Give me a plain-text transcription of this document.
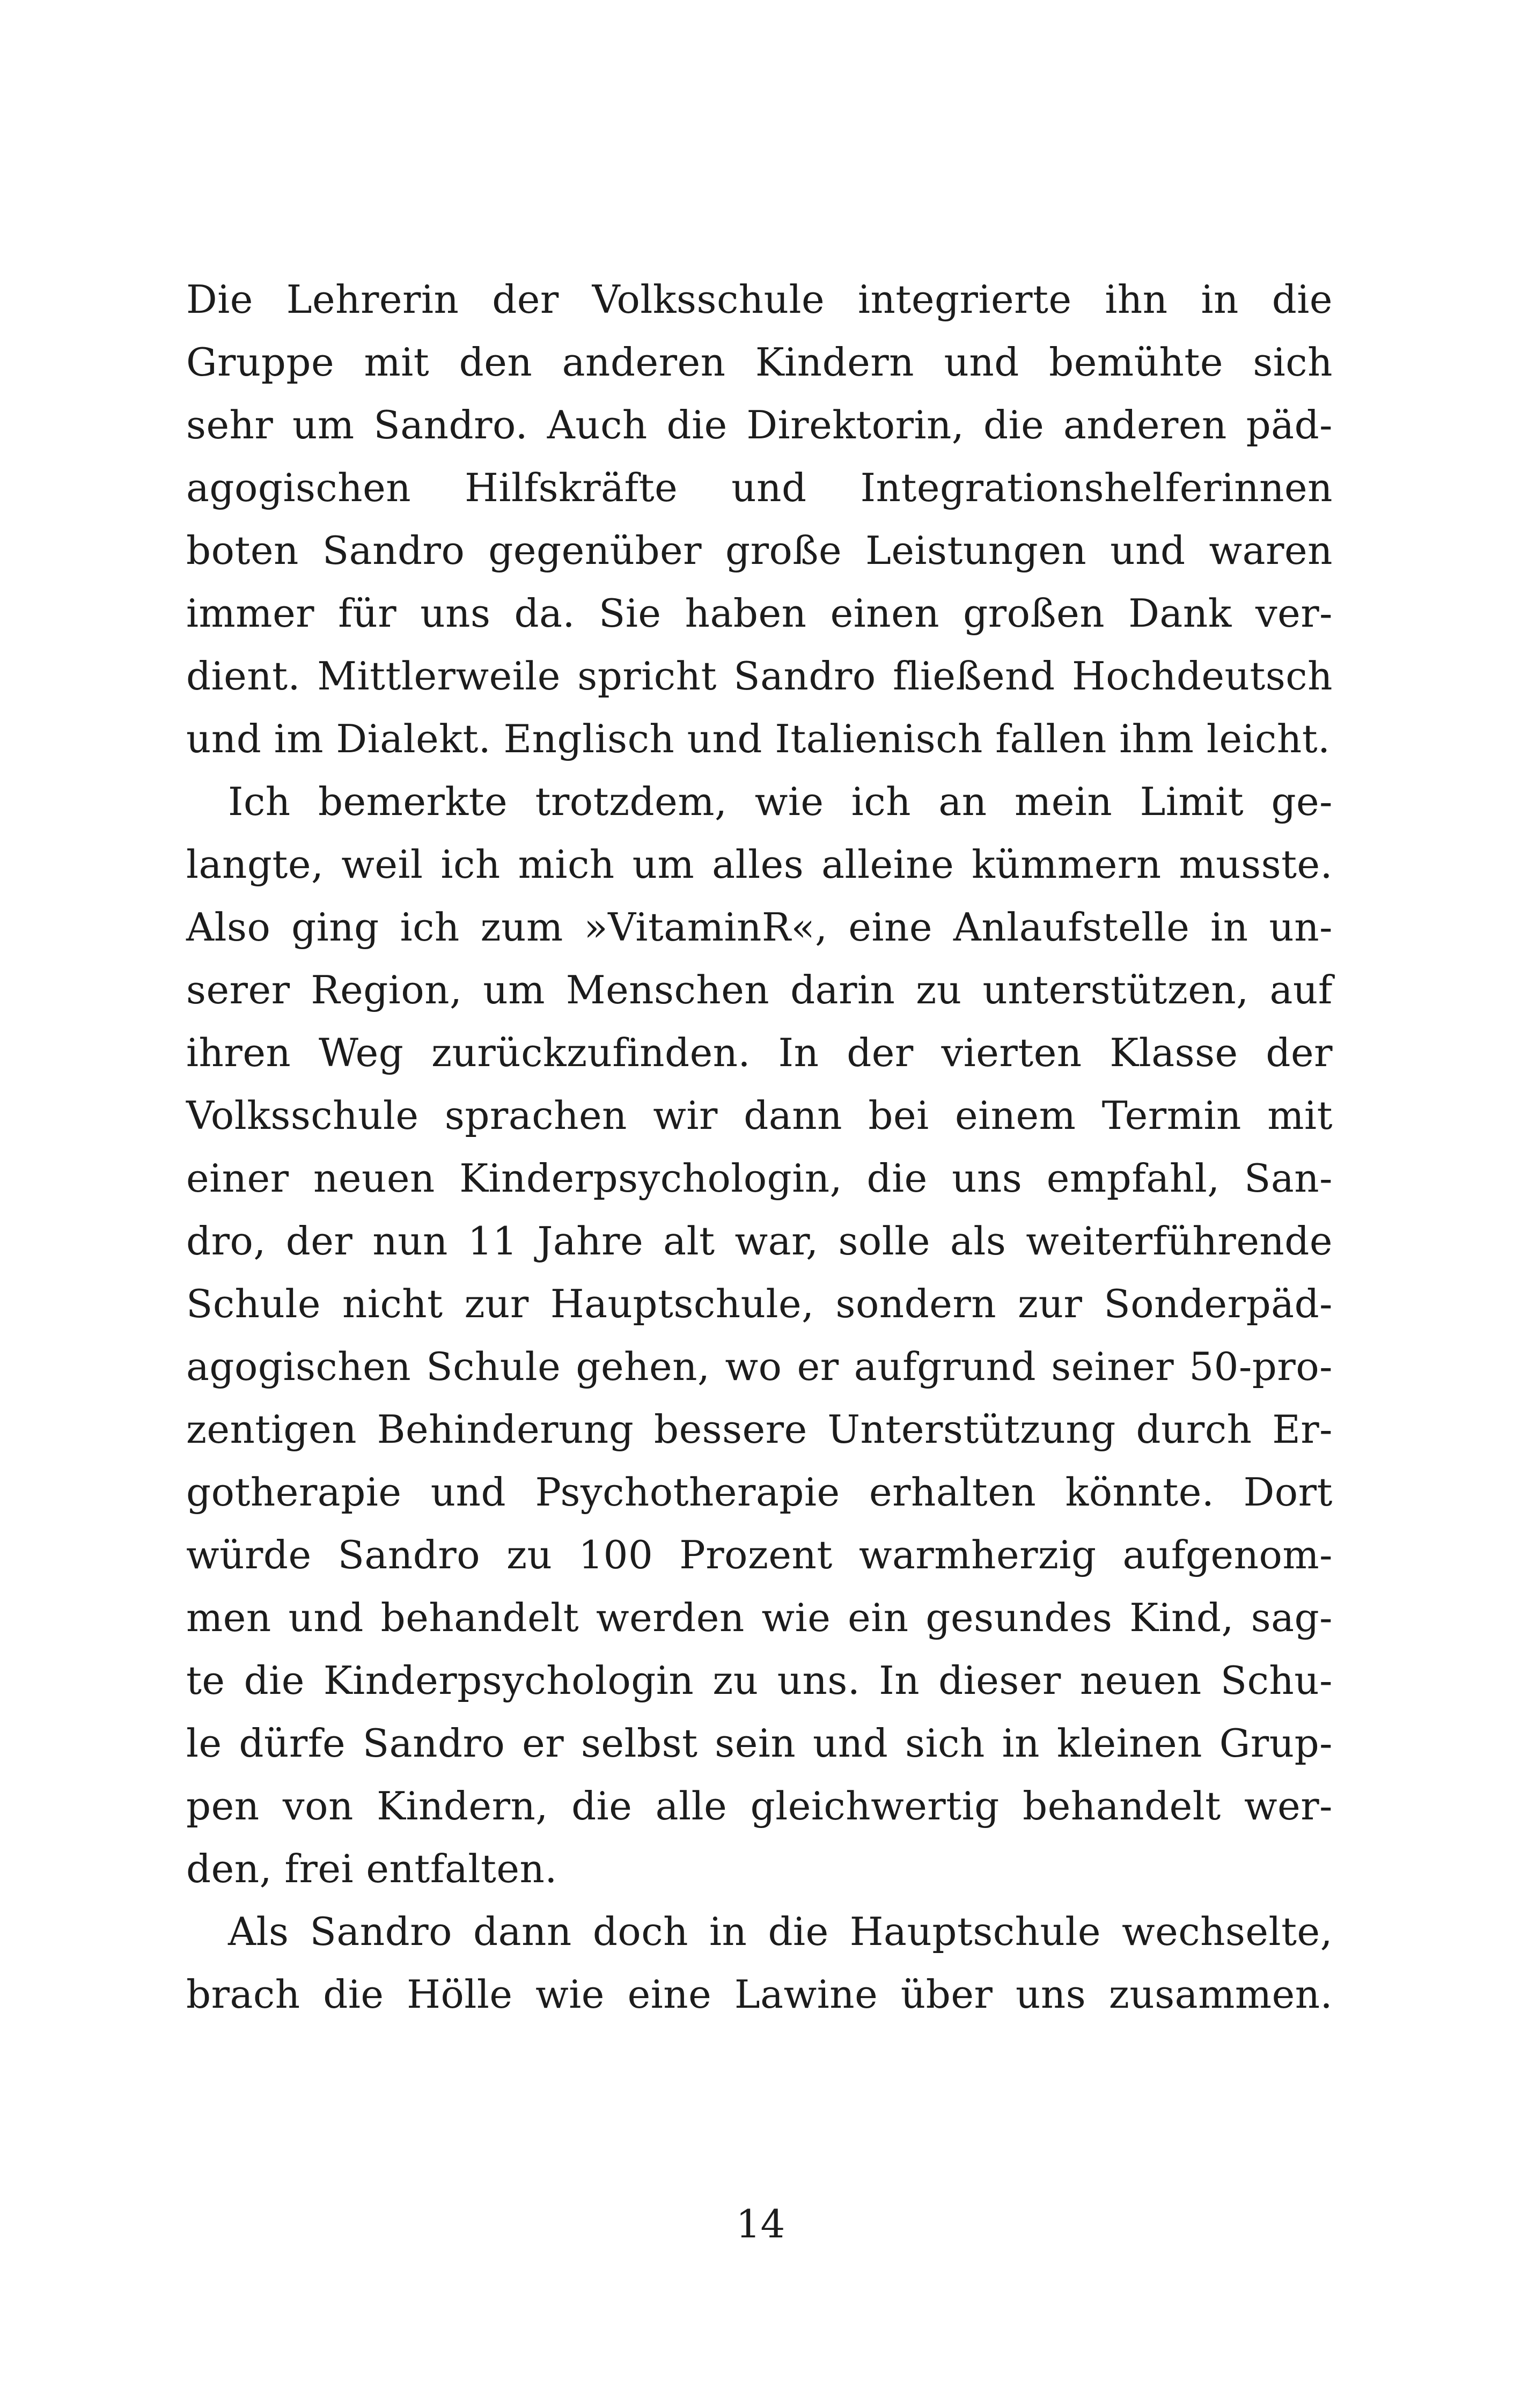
Die Lehrerin der Volksschule integrierte ihn in die
Gruppe mit den anderen Kindern und bemühte sich
sehr um Sandro. Auch die Direktorin, die anderen päd-
agogischen Hilfskräfte und Integrationshelferinnen
boten Sandro gegenüber große Leistungen und waren
immer für uns da. Sie haben einen großen Dank ver-
dient. Mittlerweile spricht Sandro fließend Hochdeutsch
und im Dialekt. Englisch und Italienisch fallen ihm leicht.
Ich bemerkte trotzdem, wie ich an mein Limit ge-
langte, weil ich mich um alles alleine kümmern musste.
Also ging ich zum »VitaminR«, eine Anlaufstelle in un-
serer Region, um Menschen darin zu unterstützen, auf
ihren Weg zurückzufinden. In der vierten Klasse der
Volksschule sprachen wir dann bei einem Termin mit
einer neuen Kinderpsychologin, die uns empfahl, San-
dro, der nun 11 Jahre alt war, solle als weiterführende
Schule nicht zur Hauptschule, sondern zur Sonderpäd-
agogischen Schule gehen, wo er aufgrund seiner 50-pro-
zentigen Behinderung bessere Unterstützung durch Er-
gotherapie und Psychotherapie erhalten könnte. Dort
würde Sandro zu 100 Prozent warmherzig aufgenom-
men und behandelt werden wie ein gesundes Kind, sag-
te die Kinderpsychologin zu uns. In dieser neuen Schu-
le dürfe Sandro er selbst sein und sich in kleinen Grup-
pen von Kindern, die alle gleichwertig behandelt wer-
den, frei entfalten.
Als Sandro dann doch in die Hauptschule wechselte,
brach die Hölle wie eine Lawine über uns zusammen.
14
